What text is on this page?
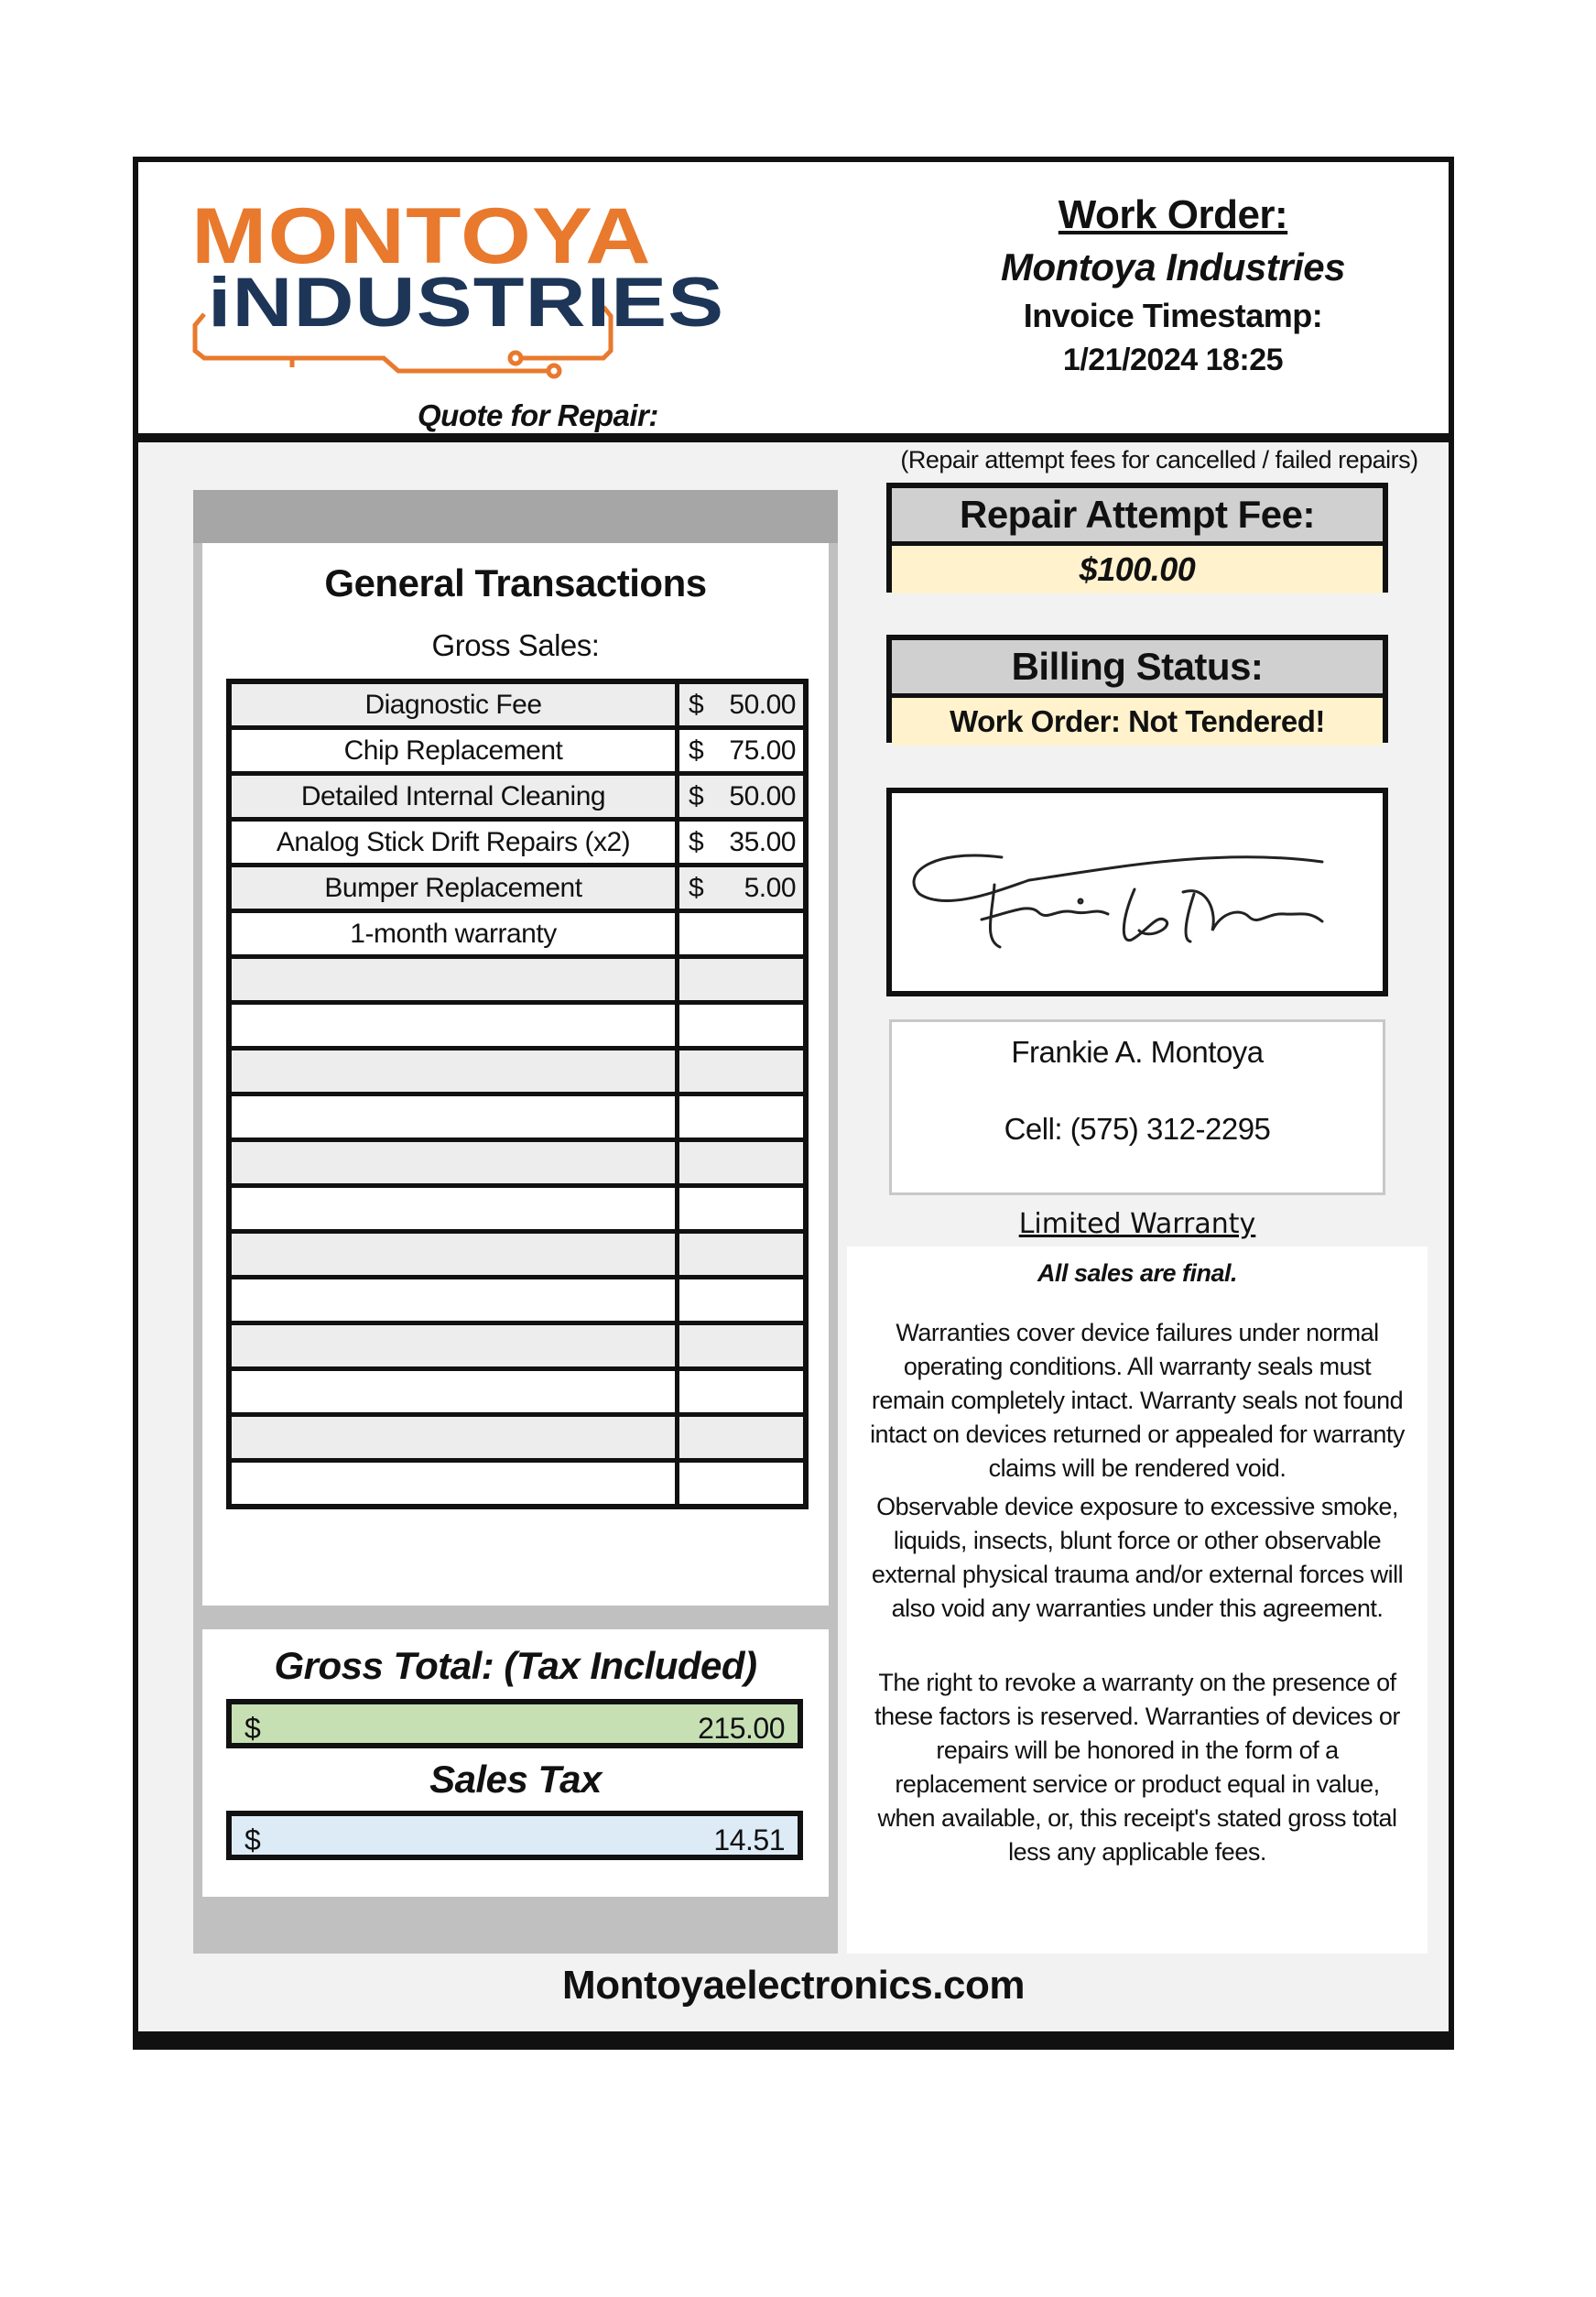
MONTOYA
iNDUSTRIES
Quote for Repair:
Work Order:
Montoya Industries
Invoice Timestamp:
1/21/2024 18:25
General Transactions
Gross Sales:
Diagnostic Fee	$ 50.00

Chip Replacement	$ 75.00

Detailed Internal Cleaning	$ 50.00

Analog Stick Drift Repairs (x2)	$ 35.00

Bumper Replacement	$ 5.00

1-month warranty	

Gross Total: (Tax Included)
$	215.00
Sales Tax
$	14.51
(Repair attempt fees for cancelled / failed repairs)
Repair Attempt Fee:
$100.00
Billing Status:
Work Order: Not Tendered!
Frankie A. Montoya
Cell: (575) 312-2295
Limited Warranty
All sales are final.
Warranties cover device failures under normal operating conditions. All warranty seals must remain completely intact. Warranty seals not found intact on devices returned or appealed for warranty claims will be rendered void.
Observable device exposure to excessive smoke, liquids, insects, blunt force or other observable external physical trauma and/or external forces will also void any warranties under this agreement.
The right to revoke a warranty on the presence of these factors is reserved. Warranties of devices or repairs will be honored in the form of a replacement service or product equal in value, when available, or, this receipt's stated gross total less any applicable fees.
Montoyaelectronics.com
